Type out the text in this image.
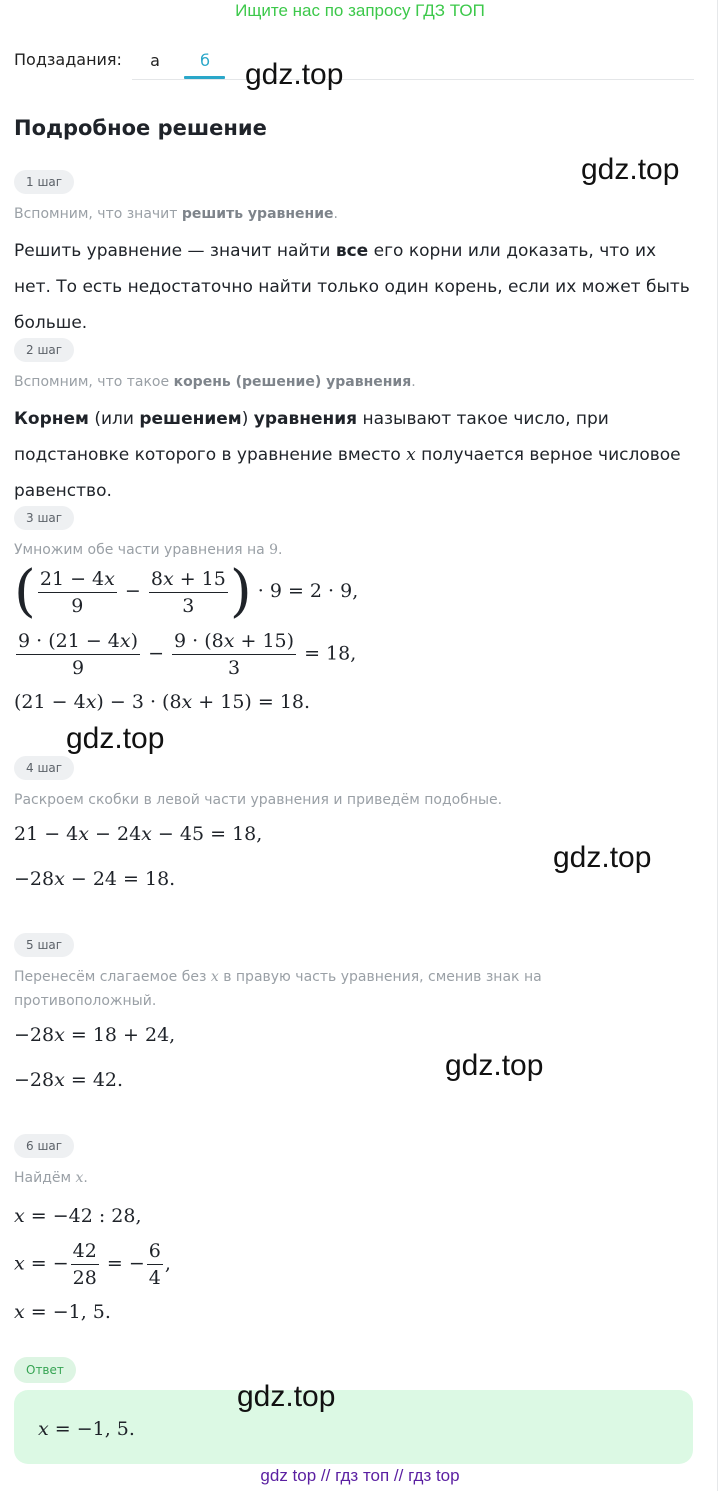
Ищите нас по запросу ГДЗ ТОП
Подзадания:	а	б	gdz.top
Подробное решение
gdz.top
1 шаг
Вспомним, что значит решить уравнение.
Решить уравнение — значит найти все его корни или доказать, что их нет. То есть недостаточно найти только один корень, если их может быть больше.
2 шаг
Вспомним, что такое корень (решение) уравнения.
Корнем (или решением) уравнения называют такое число, при подстановке которого в уравнение вместо x получается верное числовое равенство.
3 шаг
Умножим обе части уравнения на 9.
( $\frac{21 - 4x}{9} - \frac{8x + 15}{3}$ ) · 9 = 2 · 9,
$\frac{9 \cdot (21 - 4x)}{9} - \frac{9 \cdot (8x + 15)}{3} = 18$,
(21 − 4x) − 3 · (8x + 15) = 18.
gdz.top
4 шаг
Раскроем скобки в левой части уравнения и приведём подобные.
21 − 4x − 24x − 45 = 18,
−28x − 24 = 18.
gdz.top
5 шаг
Перенесём слагаемое без x в правую часть уравнения, сменив знак на противоположный.
−28x = 18 + 24,
−28x = 42.	gdz.top
6 шаг
Найдём x.
x = −42 : 28,
x = − $\frac{42}{28}$ = − $\frac{6}{4}$ ,
x = −1, 5.
Ответ
x = −1, 5.
gdz.top
gdz top // гдз топ // гдз top
